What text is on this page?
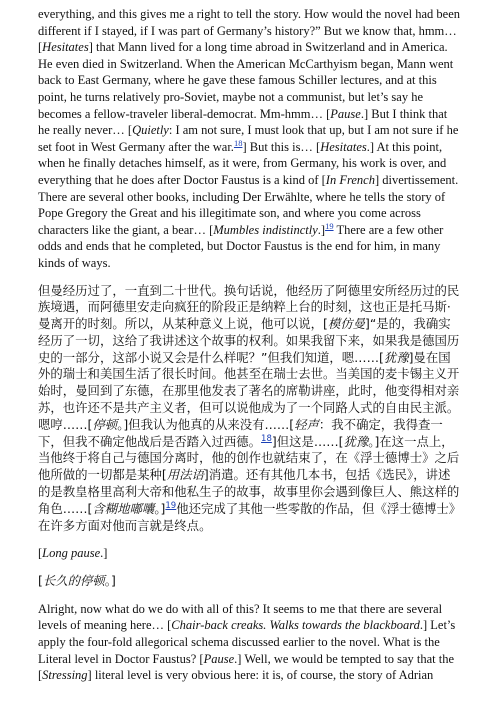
everything, and this gives me a right to tell the story. How would the novel had been different if I stayed, if I was part of Germany’s history?” But we know that, hmm… [Hesitates] that Mann lived for a long time abroad in Switzerland and in America. He even died in Switzerland. When the American McCarthyism began, Mann went back to East Germany, where he gave these famous Schiller lectures, and at this point, he turns relatively pro-Soviet, maybe not a communist, but let’s say he becomes a fellow-traveler liberal-democrat. Mm-hmm… [Pause.] But I think that he really never… [Quietly: I am not sure, I must look that up, but I am not sure if he set foot in West Germany after the war.$^{18}$] But this is… [Hesitates.] At this point, when he finally detaches himself, as it were, from Germany, his work is over, and everything that he does after Doctor Faustus is a kind of [In French] divertissement. There are several other books, including Der Erwählte, where he tells the story of Pope Gregory the Great and his illegitimate son, and where you come across characters like the giant, a bear… [Mumbles indistinctly.]$^{19}$ There are a few other odds and ends that he completed, but Doctor Faustus is the end for him, in many kinds of ways.

但曼经历过了，一直到二十世代。换句话说，他经历了阿德里安所经历过的民族境遇，而阿德里安走向疯狂的阶段正是纳粹上台的时刻，这也正是托马斯·曼离开的时刻。所以，从某种意义上说，他可以说，[模仿曼]“是的，我确实经历了一切，这给了我讲述这个故事的权利。如果我留下来，如果我是德国历史的一部分，这部小说又会是什么样呢？”但我们知道，嗯……[犹豫]曼在国外的瑞士和美国生活了很长时间。他甚至在瑞士去世。当美国的麦卡锡主义开始时，曼回到了东德，在那里他发表了著名的席勒讲座，此时，他变得相对亲苏，也许还不是共产主义者，但可以说他成为了一个同路人式的自由民主派。嗯哼……[停顿。]但我认为他真的从来没有……[轻声：我不确定，我得查一下，但我不确定他战后是否踏入过西德。$^{18}$]但这是……[犹豫。]在这一点上，当他终于将自己与德国分离时，他的创作也就结束了，在《浮士德博士》之后他所做的一切都是某种[用法语]消遣。还有其他几本书，包括《选民》，讲述的是教皇格里高利大帝和他私生子的故事，故事里你会遇到像巨人、熊这样的角色……[含糊地嘟囔。]$^{19}$他还完成了其他一些零散的作品，但《浮士德博士》在许多方面对他而言就是终点。

[Long pause.]

[长久的停顿。]

Alright, now what do we do with all of this? It seems to me that there are several levels of meaning here… [Chair-back creaks. Walks towards the blackboard.] Let’s apply the four-fold allegorical schema discussed earlier to the novel. What is the Literal level in Doctor Faustus? [Pause.] Well, we would be tempted to say that the [Stressing] literal level is very obvious here: it is, of course, the story of Adrian
